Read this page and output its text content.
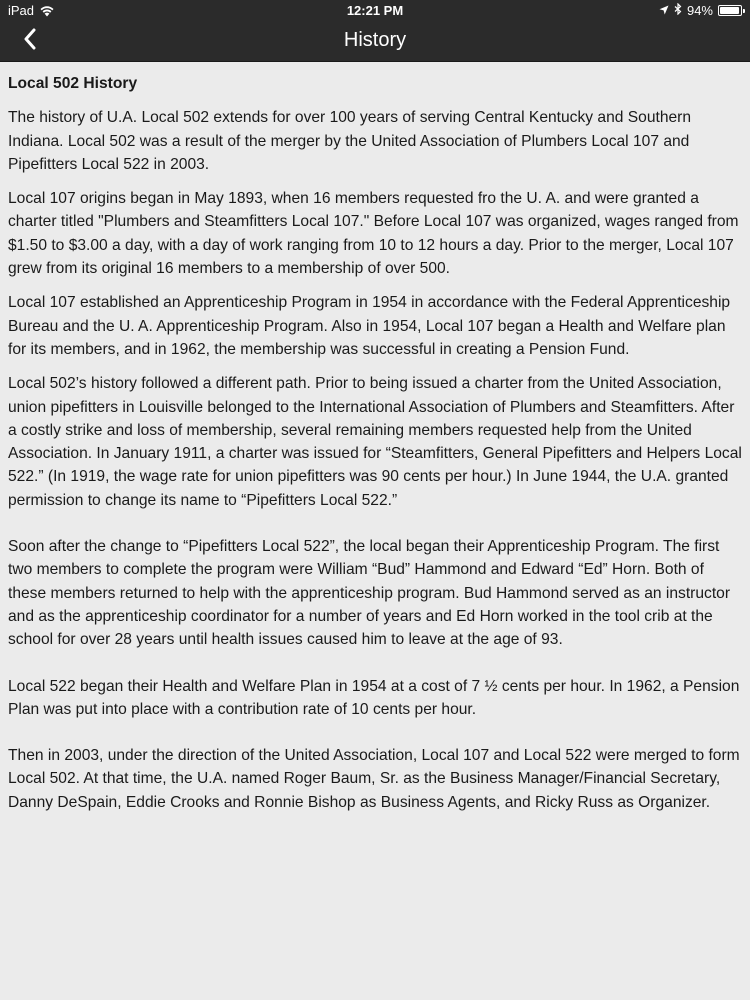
iPad	12:21 PM	94%
History
Local 502 History

The history of U.A. Local 502 extends for over 100 years of serving Central Kentucky and Southern Indiana. Local 502 was a result of the merger by the United Association of Plumbers Local 107 and Pipefitters Local 522 in 2003.

Local 107 origins began in May 1893, when 16 members requested fro the U. A. and were granted a charter titled "Plumbers and Steamfitters Local 107." Before Local 107 was organized, wages ranged from $1.50 to $3.00 a day, with a day of work ranging from 10 to 12 hours a day. Prior to the merger, Local 107 grew from its original 16 members to a membership of over 500.

Local 107 established an Apprenticeship Program in 1954 in accordance with the Federal Apprenticeship Bureau and the U. A. Apprenticeship Program. Also in 1954, Local 107 began a Health and Welfare plan for its members, and in 1962, the membership was successful in creating a Pension Fund.

Local 502’s history followed a different path. Prior to being issued a charter from the United Association, union pipefitters in Louisville belonged to the International Association of Plumbers and Steamfitters. After a costly strike and loss of membership, several remaining members requested help from the United Association. In January 1911, a charter was issued for “Steamfitters, General Pipefitters and Helpers Local 522.” (In 1919, the wage rate for union pipefitters was 90 cents per hour.) In June 1944, the U.A. granted permission to change its name to “Pipefitters Local 522.”

Soon after the change to “Pipefitters Local 522”, the local began their Apprenticeship Program. The first two members to complete the program were William “Bud” Hammond and Edward “Ed” Horn. Both of these members returned to help with the apprenticeship program. Bud Hammond served as an instructor and as the apprenticeship coordinator for a number of years and Ed Horn worked in the tool crib at the school for over 28 years until health issues caused him to leave at the age of 93.

Local 522 began their Health and Welfare Plan in 1954 at a cost of 7 ½ cents per hour. In 1962, a Pension Plan was put into place with a contribution rate of 10 cents per hour.

Then in 2003, under the direction of the United Association, Local 107 and Local 522 were merged to form Local 502. At that time, the U.A. named Roger Baum, Sr. as the Business Manager/Financial Secretary, Danny DeSpain, Eddie Crooks and Ronnie Bishop as Business Agents, and Ricky Russ as Organizer.
